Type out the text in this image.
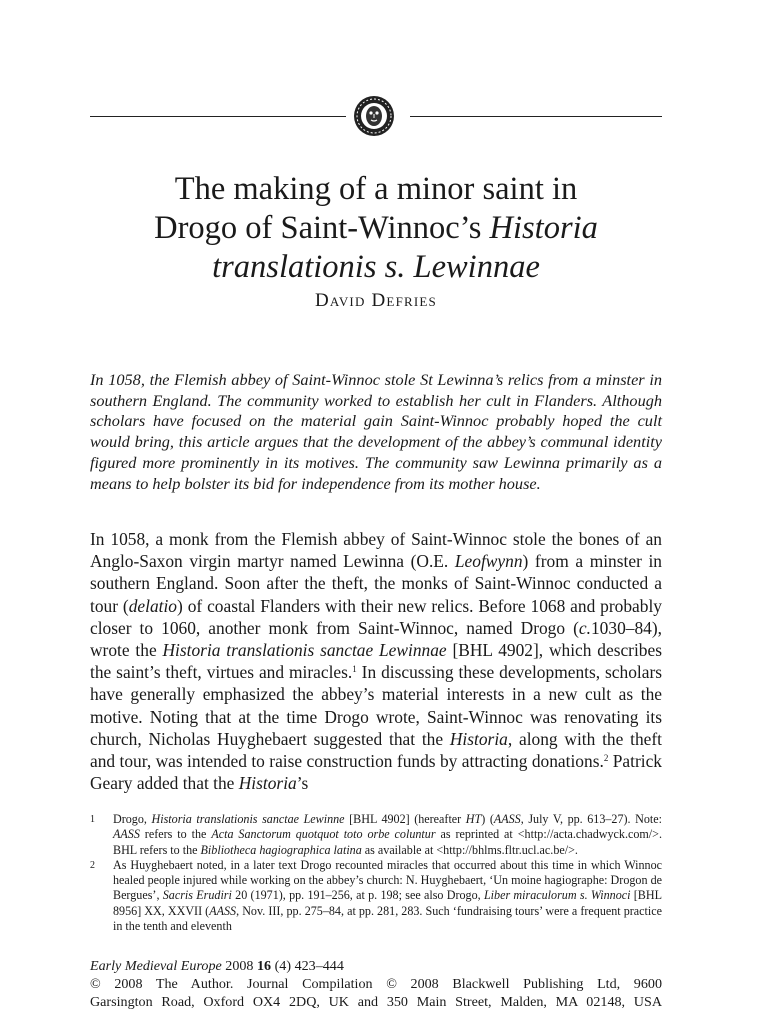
The making of a minor saint in
Drogo of Saint-Winnoc’s Historia
translationis s. Lewinnae
David Defries

In 1058, the Flemish abbey of Saint-Winnoc stole St Lewinna’s relics from a minster in southern England. The community worked to establish her cult in Flanders. Although scholars have focused on the material gain Saint-Winnoc probably hoped the cult would bring, this article argues that the development of the abbey’s communal identity figured more prominently in its motives. The community saw Lewinna primarily as a means to help bolster its bid for independence from its mother house.

In 1058, a monk from the Flemish abbey of Saint-Winnoc stole the bones of an Anglo-Saxon virgin martyr named Lewinna (O.E. Leofwynn) from a minster in southern England. Soon after the theft, the monks of Saint-Winnoc conducted a tour (delatio) of coastal Flanders with their new relics. Before 1068 and probably closer to 1060, another monk from Saint-Winnoc, named Drogo (c.1030–84), wrote the Historia translationis sanctae Lewinnae [BHL 4902], which describes the saint’s theft, virtues and miracles.$^1$ In discussing these developments, scholars have generally emphasized the abbey’s material interests in a new cult as the motive. Noting that at the time Drogo wrote, Saint-Winnoc was renovating its church, Nicholas Huyghebaert suggested that the Historia, along with the theft and tour, was intended to raise construction funds by attracting donations.$^2$ Patrick Geary added that the Historia’s

1 Drogo, Historia translationis sanctae Lewinne [BHL 4902] (hereafter HT) (AASS, July V, pp. 613–27). Note: AASS refers to the Acta Sanctorum quotquot toto orbe coluntur as reprinted at <http://acta.chadwyck.com/>. BHL refers to the Bibliotheca hagiographica latina as available at <http://bhlms.fltr.ucl.ac.be/>.

2 As Huyghebaert noted, in a later text Drogo recounted miracles that occurred about this time in which Winnoc healed people injured while working on the abbey’s church: N. Huyghebaert, ‘Un moine hagiographe: Drogon de Bergues’, Sacris Erudiri 20 (1971), pp. 191–256, at p. 198; see also Drogo, Liber miraculorum s. Winnoci [BHL 8956] XX, XXVII (AASS, Nov. III, pp. 275–84, at pp. 281, 283. Such ‘fundraising tours’ were a frequent practice in the tenth and eleventh

Early Medieval Europe 2008 16 (4) 423–444
© 2008 The Author. Journal Compilation © 2008 Blackwell Publishing Ltd, 9600
Garsington Road, Oxford OX4 2DQ, UK and 350 Main Street, Malden, MA 02148, USA
